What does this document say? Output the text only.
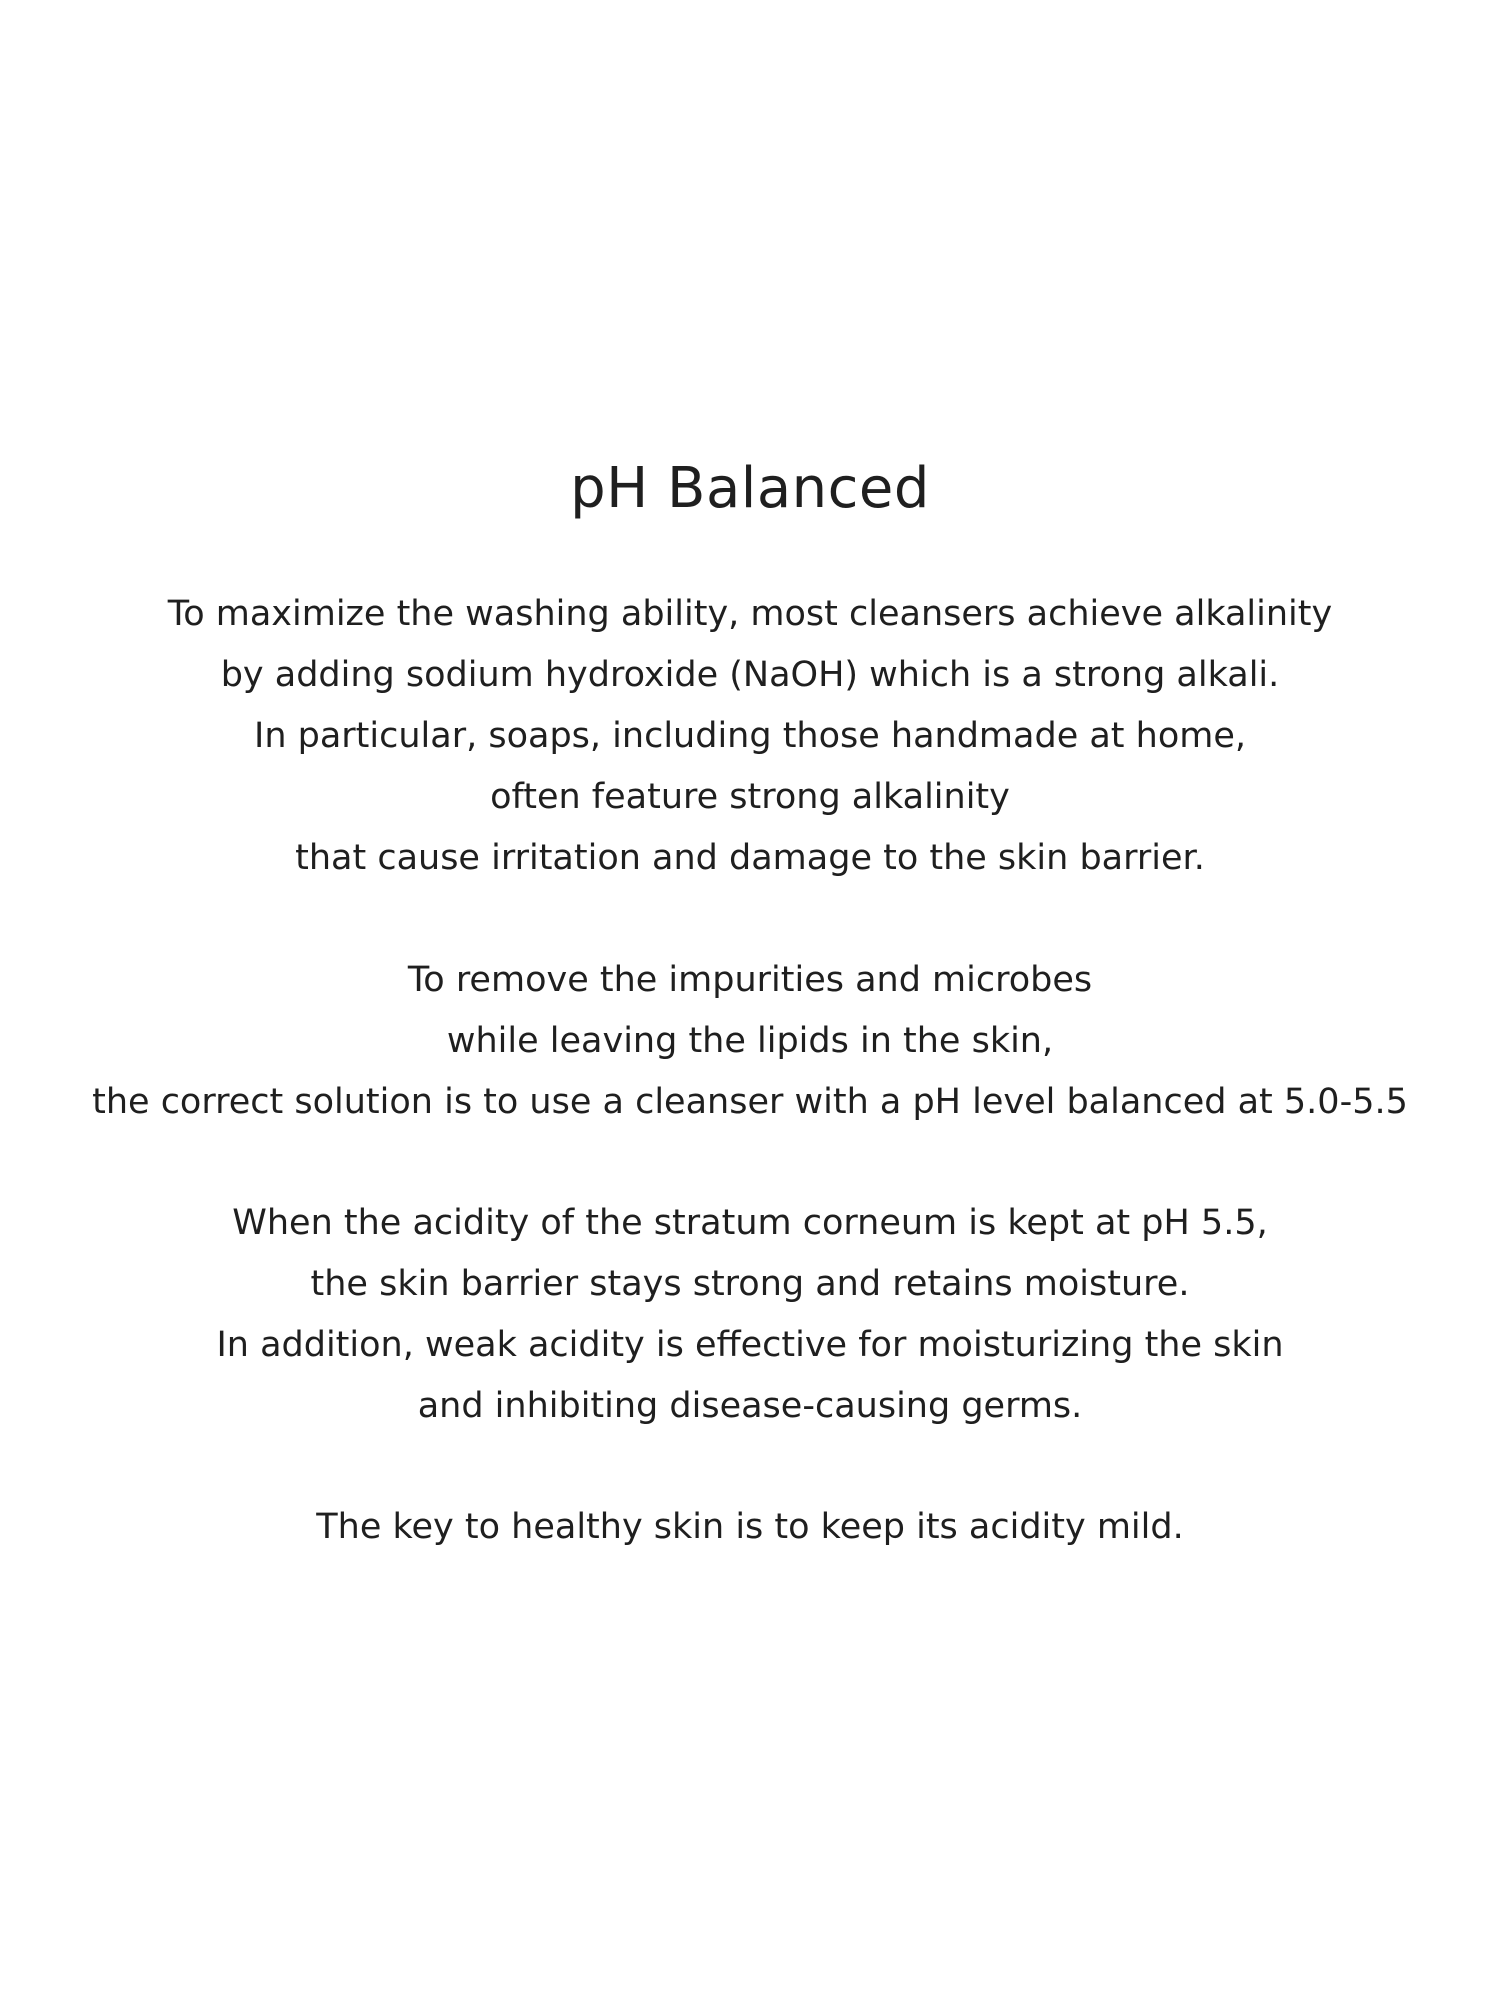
pH Balanced

To maximize the washing ability, most cleansers achieve alkalinity
by adding sodium hydroxide (NaOH) which is a strong alkali.
In particular, soaps, including those handmade at home,
often feature strong alkalinity
that cause irritation and damage to the skin barrier.

To remove the impurities and microbes
while leaving the lipids in the skin,
the correct solution is to use a cleanser with a pH level balanced at 5.0-5.5

When the acidity of the stratum corneum is kept at pH 5.5,
the skin barrier stays strong and retains moisture.
In addition, weak acidity is effective for moisturizing the skin
and inhibiting disease-causing germs.

The key to healthy skin is to keep its acidity mild.
